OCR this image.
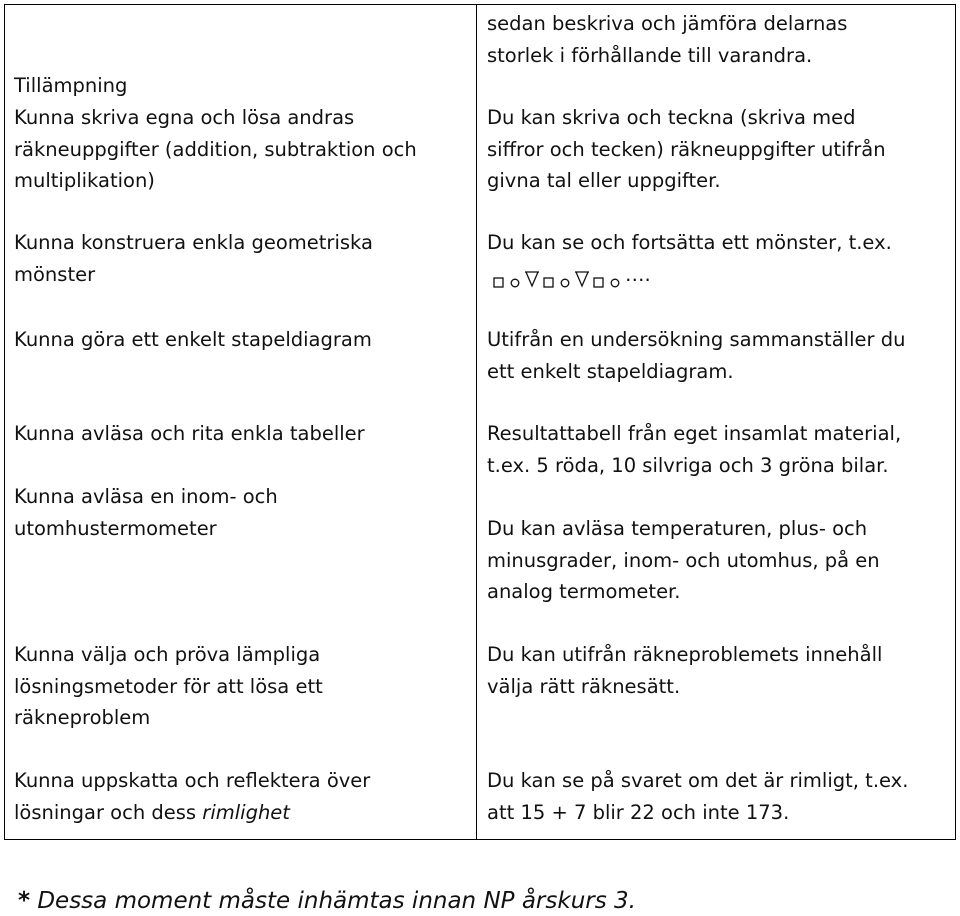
Tillämpning
Kunna skriva egna och lösa andras
räkneuppgifter (addition, subtraktion och
multiplikation)
Kunna konstruera enkla geometriska
mönster
Kunna göra ett enkelt stapeldiagram
Kunna avläsa och rita enkla tabeller
Kunna avläsa en inom- och
utomhustermometer
Kunna välja och pröva lämpliga
lösningsmetoder för att lösa ett
räkneproblem
Kunna uppskatta och reflektera över
lösningar och dess rimlighet
sedan beskriva och jämföra delarnas
storlek i förhållande till varandra.
Du kan skriva och teckna (skriva med
siffror och tecken) räkneuppgifter utifrån
givna tal eller uppgifter.
Du kan se och fortsätta ett mönster, t.ex.
….
Utifrån en undersökning sammanställer du
ett enkelt stapeldiagram.
Resultattabell från eget insamlat material,
t.ex. 5 röda, 10 silvriga och 3 gröna bilar.
Du kan avläsa temperaturen, plus- och
minusgrader, inom- och utomhus, på en
analog termometer.
Du kan utifrån räkneproblemets innehåll
välja rätt räknesätt.
Du kan se på svaret om det är rimligt, t.ex.
att 15 + 7 blir 22 och inte 173.
* Dessa moment måste inhämtas innan NP årskurs 3.
